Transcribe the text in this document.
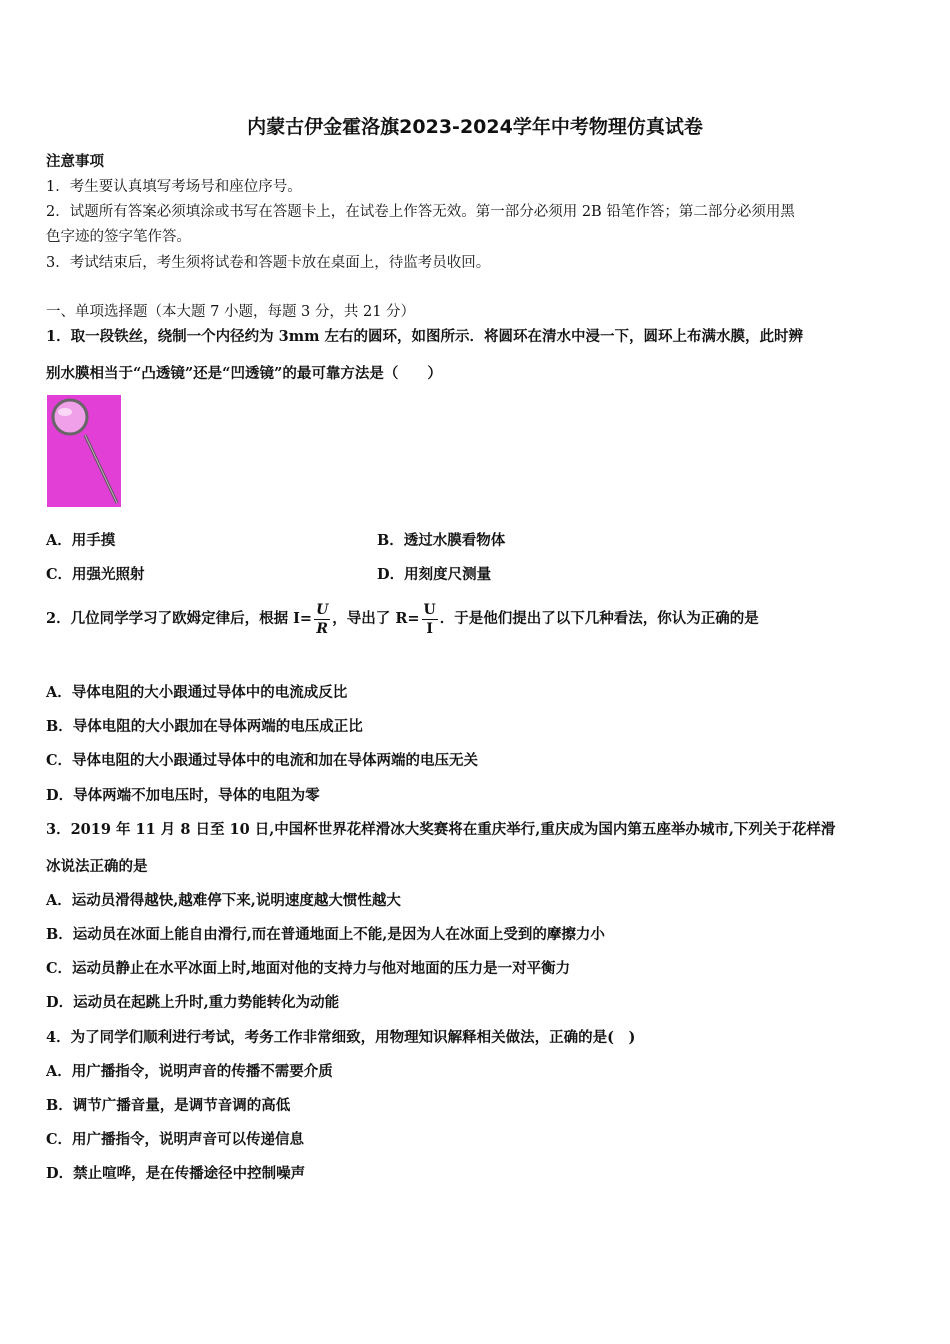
内蒙古伊金霍洛旗2023-2024学年中考物理仿真试卷
注意事项
1．考生要认真填写考场号和座位序号。
2．试题所有答案必须填涂或书写在答题卡上，在试卷上作答无效。第一部分必须用 2B 铅笔作答；第二部分必须用黑
色字迹的签字笔作答。
3．考试结束后，考生须将试卷和答题卡放在桌面上，待监考员收回。
一、单项选择题（本大题 7 小题，每题 3 分，共 21 分）
1．取一段铁丝，绕制一个内径约为 3mm 左右的圆环，如图所示．将圆环在清水中浸一下，圆环上布满水膜，此时辨
别水膜相当于“凸透镜”还是“凹透镜”的最可靠方法是（　　）
A．用手摸	B．透过水膜看物体
C．用强光照射	D．用刻度尺测量
2．几位同学学习了欧姆定律后，根据 $I= \frac{U}{R}$ ，导出了 $R= \frac{U}{I}$ ．于是他们提出了以下几种看法，你认为正确的是
A．导体电阻的大小跟通过导体中的电流成反比
B．导体电阻的大小跟加在导体两端的电压成正比
C．导体电阻的大小跟通过导体中的电流和加在导体两端的电压无关
D．导体两端不加电压时，导体的电阻为零
3．2019 年 11 月 8 日至 10 日,中国杯世界花样滑冰大奖赛将在重庆举行,重庆成为国内第五座举办城市,下列关于花样滑
冰说法正确的是
A．运动员滑得越快,越难停下来,说明速度越大惯性越大
B．运动员在冰面上能自由滑行,而在普通地面上不能,是因为人在冰面上受到的摩擦力小
C．运动员静止在水平冰面上时,地面对他的支持力与他对地面的压力是一对平衡力
D．运动员在起跳上升时,重力势能转化为动能
4．为了同学们顺利进行考试，考务工作非常细致，用物理知识解释相关做法，正确的是(　)
A．用广播指令，说明声音的传播不需要介质
B．调节广播音量，是调节音调的高低
C．用广播指令，说明声音可以传递信息
D．禁止喧哗，是在传播途径中控制噪声
